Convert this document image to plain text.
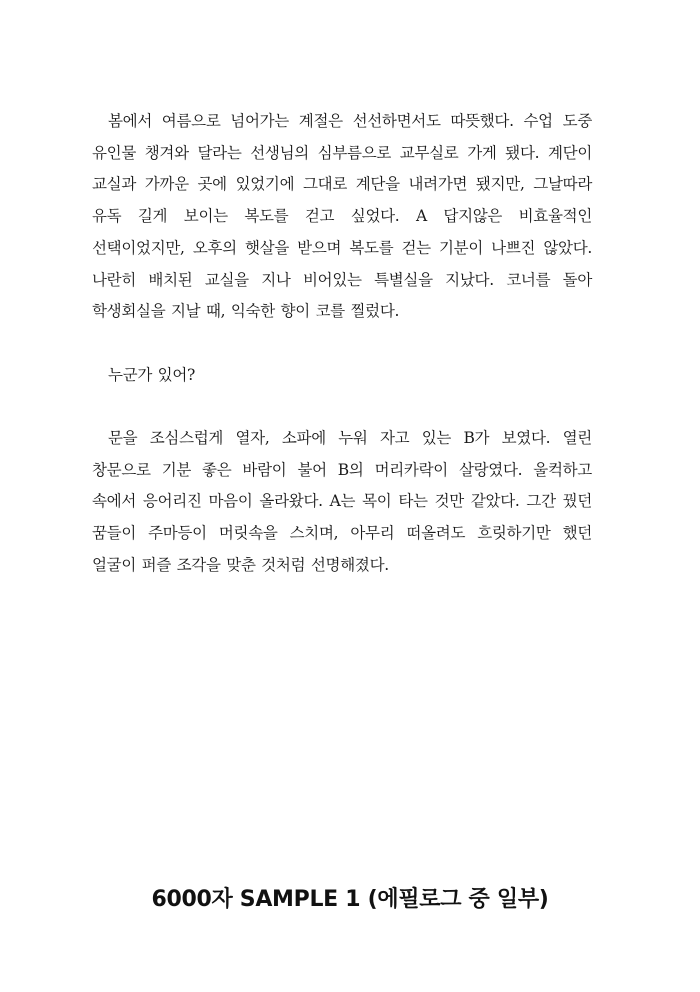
봄에서 여름으로 넘어가는 계절은 선선하면서도 따뜻했다. 수업 도중 유인물 챙겨와 달라는 선생님의 심부름으로 교무실로 가게 됐다. 계단이 교실과 가까운 곳에 있었기에 그대로 계단을 내려가면 됐지만, 그날따라 유독 길게 보이는 복도를 걷고 싶었다. A 답지않은 비효율적인 선택이었지만, 오후의 햇살을 받으며 복도를 걷는 기분이 나쁘진 않았다. 나란히 배치된 교실을 지나 비어있는 특별실을 지났다. 코너를 돌아 학생회실을 지날 때, 익숙한 향이 코를 찔렀다.

누군가 있어?

문을 조심스럽게 열자, 소파에 누워 자고 있는 B가 보였다. 열린 창문으로 기분 좋은 바람이 불어 B의 머리카락이 살랑였다. 울컥하고 속에서 응어리진 마음이 올라왔다. A는 목이 타는 것만 같았다. 그간 꿨던 꿈들이 주마등이 머릿속을 스치며, 아무리 떠올려도 흐릿하기만 했던 얼굴이 퍼즐 조각을 맞춘 것처럼 선명해졌다.

6000자 SAMPLE 1 (에필로그 중 일부)
